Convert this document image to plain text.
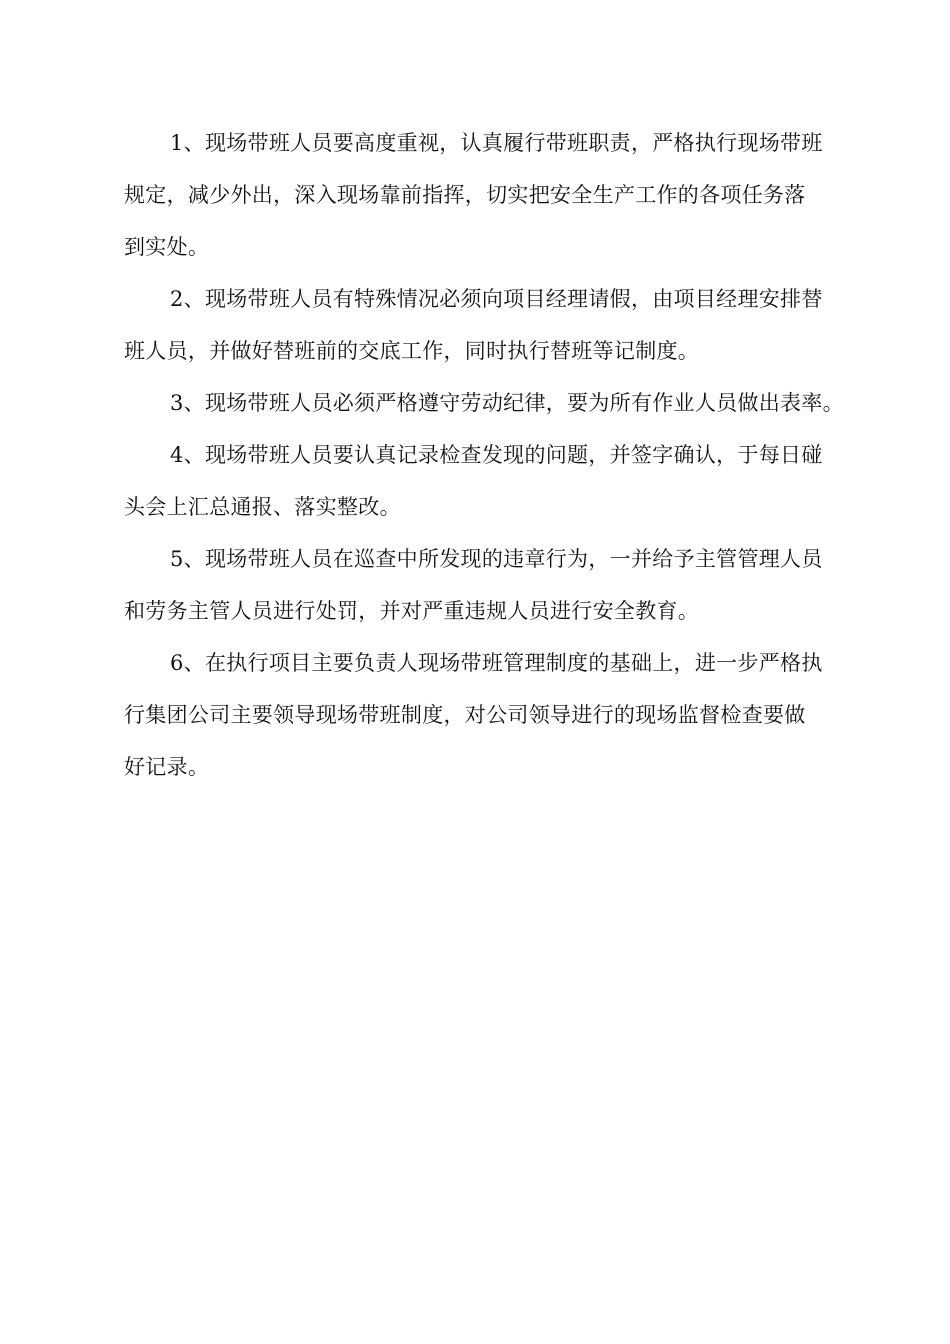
1、现场带班人员要高度重视，认真履行带班职责，严格执行现场带班
规定，减少外出，深入现场靠前指挥，切实把安全生产工作的各项任务落
到实处。

2、现场带班人员有特殊情况必须向项目经理请假，由项目经理安排替
班人员，并做好替班前的交底工作，同时执行替班等记制度。

3、现场带班人员必须严格遵守劳动纪律，要为所有作业人员做出表率。

4、现场带班人员要认真记录检查发现的问题，并签字确认，于每日碰
头会上汇总通报、落实整改。

5、现场带班人员在巡查中所发现的违章行为，一并给予主管管理人员
和劳务主管人员进行处罚，并对严重违规人员进行安全教育。

6、在执行项目主要负责人现场带班管理制度的基础上，进一步严格执
行集团公司主要领导现场带班制度，对公司领导进行的现场监督检查要做
好记录。
